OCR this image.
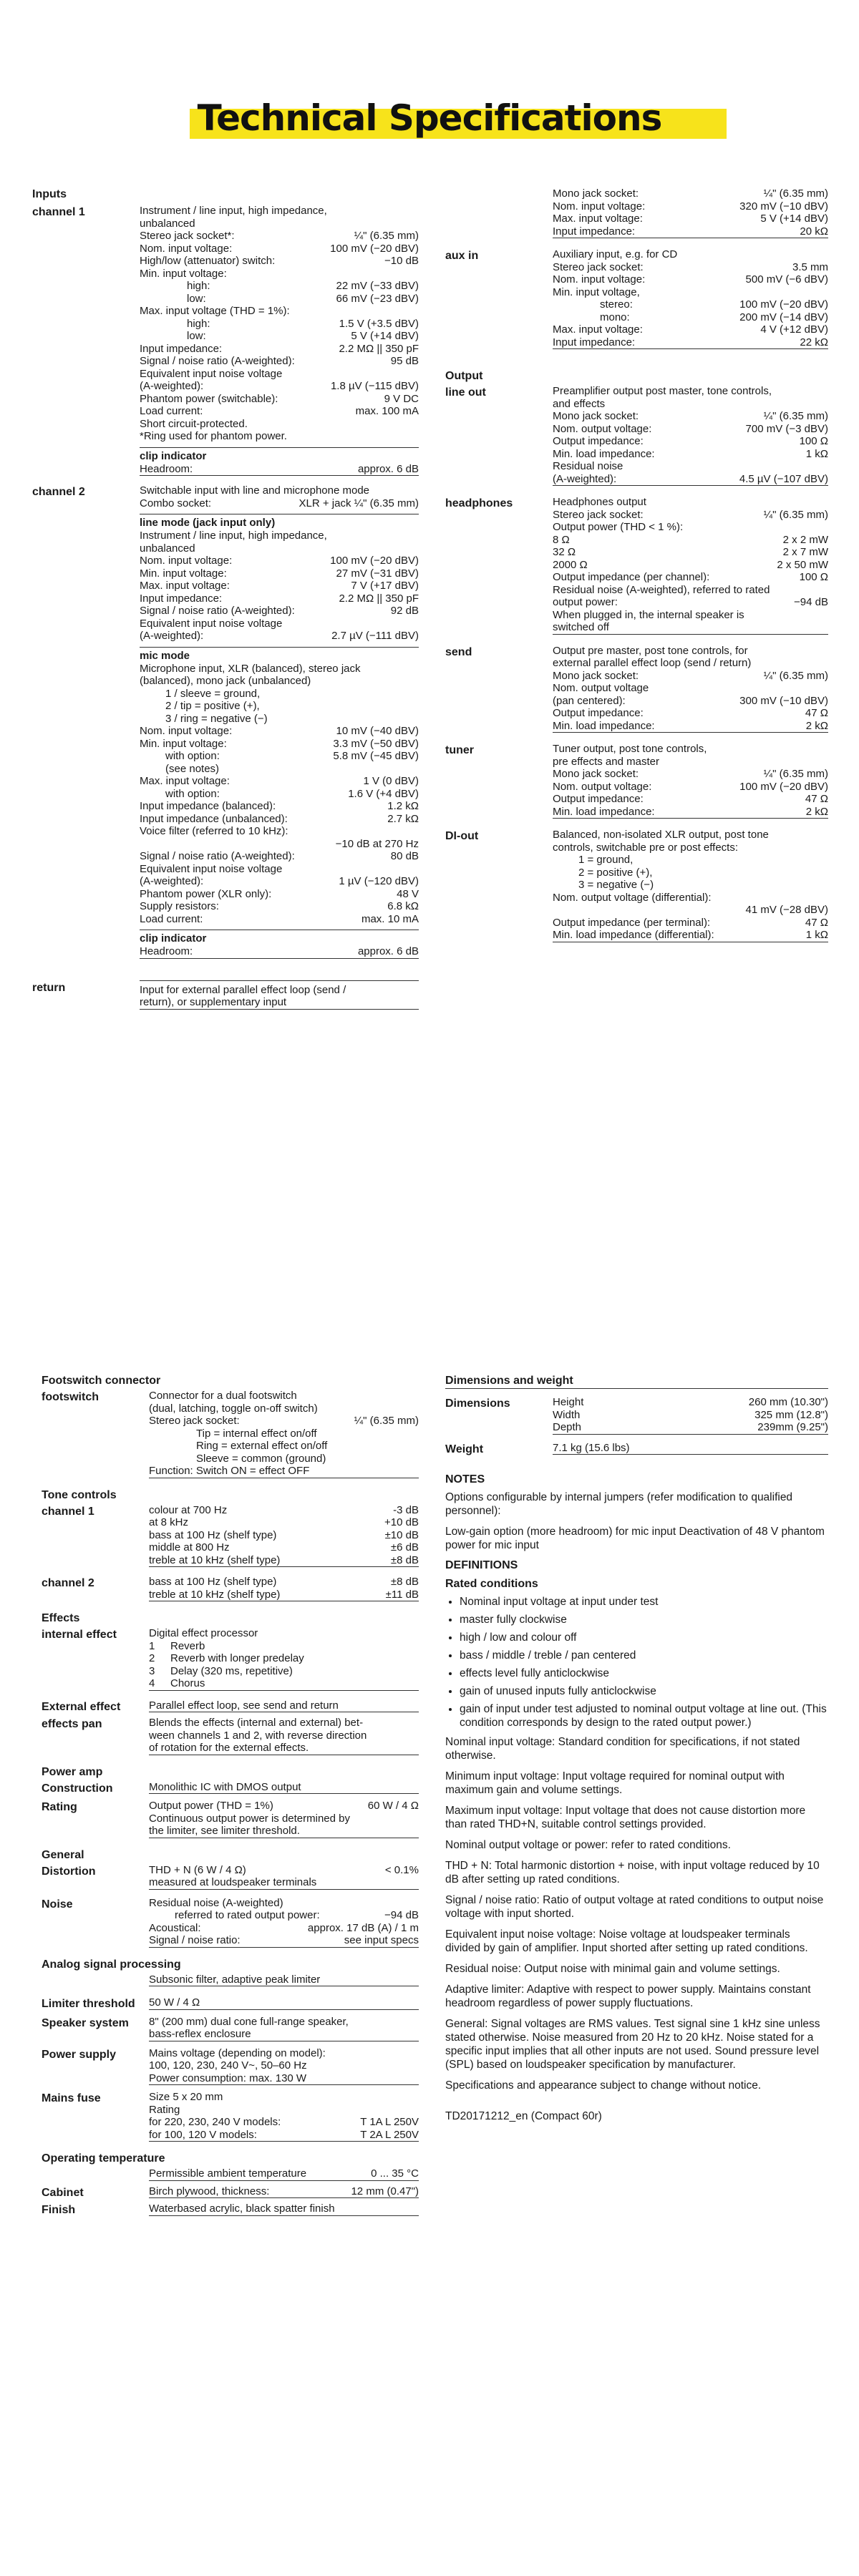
Technical Specifications
Inputs
channel 1	Instrument / line input, high impedance,
unbalanced
Stereo jack socket*:	¼" (6.35 mm)
Nom. input voltage:	100 mV (−20 dBV)
High/low (attenuator) switch:	−10 dB
Min. input voltage:
high:	22 mV (−33 dBV)
low:	66 mV (−23 dBV)
Max. input voltage (THD = 1%):
high:	1.5 V (+3.5 dBV)
low:	5 V (+14 dBV)
Input impedance:	2.2 MΩ || 350 pF
Signal / noise ratio (A-weighted):	95 dB
Equivalent input noise voltage
(A-weighted):	1.8 µV (−115 dBV)
Phantom power (switchable):	9 V DC
Load current:	max. 100 mA
Short circuit-protected.
*Ring used for phantom power.
clip indicator
Headroom:	approx. 6 dB
channel 2	Switchable input with line and microphone mode
Combo socket:	XLR + jack ¼" (6.35 mm)
line mode (jack input only)
Instrument / line input, high impedance,
unbalanced
Nom. input voltage:	100 mV (−20 dBV)
Min. input voltage:	27 mV (−31 dBV)
Max. input voltage:	7 V (+17 dBV)
Input impedance:	2.2 MΩ || 350 pF
Signal / noise ratio (A-weighted):	92 dB
Equivalent input noise voltage
(A-weighted):	2.7 µV (−111 dBV)
mic mode
Microphone input, XLR (balanced), stereo jack
(balanced), mono jack (unbalanced)
1 / sleeve = ground,
2 / tip = positive (+),
3 / ring = negative (−)
Nom. input voltage:	10 mV (−40 dBV)
Min. input voltage:	3.3 mV (−50 dBV)
with option:	5.8 mV (−45 dBV)
(see notes)
Max. input voltage:	1 V (0 dBV)
with option:	1.6 V (+4 dBV)
Input impedance (balanced):	1.2 kΩ
Input impedance (unbalanced):	2.7 kΩ
Voice filter (referred to 10 kHz):
−10 dB at 270 Hz
Signal / noise ratio (A-weighted):	80 dB
Equivalent input noise voltage
(A-weighted):	1 µV (−120 dBV)
Phantom power (XLR only):	48 V
Supply resistors:	6.8 kΩ
Load current:	max. 10 mA
clip indicator
Headroom:	approx. 6 dB
return	Input for external parallel effect loop (send /
return), or supplementary input
Mono jack socket:	¼" (6.35 mm)
Nom. input voltage:	320 mV (−10 dBV)
Max. input voltage:	5 V (+14 dBV)
Input impedance:	20 kΩ
aux in	Auxiliary input, e.g. for CD
Stereo jack socket:	3.5 mm
Nom. input voltage:	500 mV (−6 dBV)
Min. input voltage,
stereo:	100 mV (−20 dBV)
mono:	200 mV (−14 dBV)
Max. input voltage:	4 V (+12 dBV)
Input impedance:	22 kΩ
Output
line out	Preamplifier output post master, tone controls,
and effects
Mono jack socket:	¼" (6.35 mm)
Nom. output voltage:	700 mV (−3 dBV)
Output impedance:	100 Ω
Min. load impedance:	1 kΩ
Residual noise
(A-weighted):	4.5 µV (−107 dBV)
headphones	Headphones output
Stereo jack socket:	¼" (6.35 mm)
Output power (THD < 1 %):
8 Ω	2 x 2 mW
32 Ω	2 x 7 mW
2000 Ω	2 x 50 mW
Output impedance (per channel):	100 Ω
Residual noise (A-weighted), referred to rated
output power:	−94 dB
When plugged in, the internal speaker is
switched off
send	Output pre master, post tone controls, for
external parallel effect loop (send / return)
Mono jack socket:	¼" (6.35 mm)
Nom. output voltage
(pan centered):	300 mV (−10 dBV)
Output impedance:	47 Ω
Min. load impedance:	2 kΩ
tuner	Tuner output, post tone controls,
pre effects and master
Mono jack socket:	¼" (6.35 mm)
Nom. output voltage:	100 mV (−20 dBV)
Output impedance:	47 Ω
Min. load impedance:	2 kΩ
DI-out	Balanced, non-isolated XLR output, post tone
controls, switchable pre or post effects:
1 = ground,
2 = positive (+),
3 = negative (−)
Nom. output voltage (differential):
41 mV (−28 dBV)
Output impedance (per terminal):	47 Ω
Min. load impedance (differential):	1 kΩ
Footswitch connector
footswitch	Connector for a dual footswitch
(dual, latching, toggle on-off switch)
Stereo jack socket:	¼" (6.35 mm)
Tip = internal effect on/off
Ring = external effect on/off
Sleeve = common (ground)
Function: Switch ON = effect OFF
Tone controls
channel 1	colour at 700 Hz	-3 dB
at 8 kHz	+10 dB
bass at 100 Hz (shelf type)	±10 dB
middle at 800 Hz	±6 dB
treble at 10 kHz (shelf type)	±8 dB
channel 2	bass at 100 Hz (shelf type)	±8 dB
treble at 10 kHz (shelf type)	±11 dB
Effects
internal effect	Digital effect processor
1 Reverb
2 Reverb with longer predelay
3 Delay (320 ms, repetitive)
4 Chorus
External effect	Parallel effect loop, see send and return
effects pan	Blends the effects (internal and external) bet-
ween channels 1 and 2, with reverse direction
of rotation for the external effects.
Power amp
Construction	Monolithic IC with DMOS output
Rating	Output power (THD = 1%)	60 W / 4 Ω
Continuous output power is determined by
the limiter, see limiter threshold.
General
Distortion	THD + N (6 W / 4 Ω)	< 0.1%
measured at loudspeaker terminals
Noise	Residual noise (A-weighted)
referred to rated output power:	−94 dB
Acoustical:	approx. 17 dB (A) / 1 m
Signal / noise ratio:	see input specs
Analog signal processing
Subsonic filter, adaptive peak limiter
Limiter threshold	50 W / 4 Ω
Speaker system	8" (200 mm) dual cone full-range speaker,
bass-reflex enclosure
Power supply	Mains voltage (depending on model):
100, 120, 230, 240 V~, 50–60 Hz
Power consumption: max. 130 W
Mains fuse	Size 5 x 20 mm
Rating
for 220, 230, 240 V models:	T 1A L 250V
for 100, 120 V models:	T 2A L 250V
Operating temperature
Permissible ambient temperature	0 ... 35 °C
Cabinet	Birch plywood, thickness:	12 mm (0.47")
Finish	Waterbased acrylic, black spatter finish
Dimensions and weight
Dimensions	Height	260 mm (10.30")
Width	325 mm (12.8")
Depth	239mm (9.25")
Weight	7.1 kg (15.6 lbs)
NOTES

Options configurable by internal jumpers (refer modification to qualified personnel):

Low-gain option (more headroom) for mic input Deactivation of 48 V phantom power for mic input

DEFINITIONS
Rated conditions
• Nominal input voltage at input under test
• master fully clockwise
• high / low and colour off
• bass / middle / treble / pan centered
• effects level fully anticlockwise
• gain of unused inputs fully anticlockwise
• gain of input under test adjusted to nominal output voltage at line out. (This condition corresponds by design to the rated output power.)

Nominal input voltage: Standard condition for specifications, if not stated otherwise.

Minimum input voltage: Input voltage required for nominal output with maximum gain and volume settings.

Maximum input voltage: Input voltage that does not cause distortion more than rated THD+N, suitable control settings provided.

Nominal output voltage or power: refer to rated conditions.

THD + N: Total harmonic distortion + noise, with input voltage reduced by 10 dB after setting up rated conditions.

Signal / noise ratio: Ratio of output voltage at rated conditions to output noise voltage with input shorted.

Equivalent input noise voltage: Noise voltage at loudspeaker terminals divided by gain of amplifier. Input shorted after setting up rated conditions.

Residual noise: Output noise with minimal gain and volume settings.

Adaptive limiter: Adaptive with respect to power supply. Maintains constant headroom regardless of power supply fluctuations.

General: Signal voltages are RMS values. Test signal sine 1 kHz sine unless stated otherwise. Noise measured from 20 Hz to 20 kHz. Noise stated for a specific input implies that all other inputs are not used. Sound pressure level (SPL) based on loudspeaker specification by manufacturer.

Specifications and appearance subject to change without notice.

TD20171212_en (Compact 60r)
